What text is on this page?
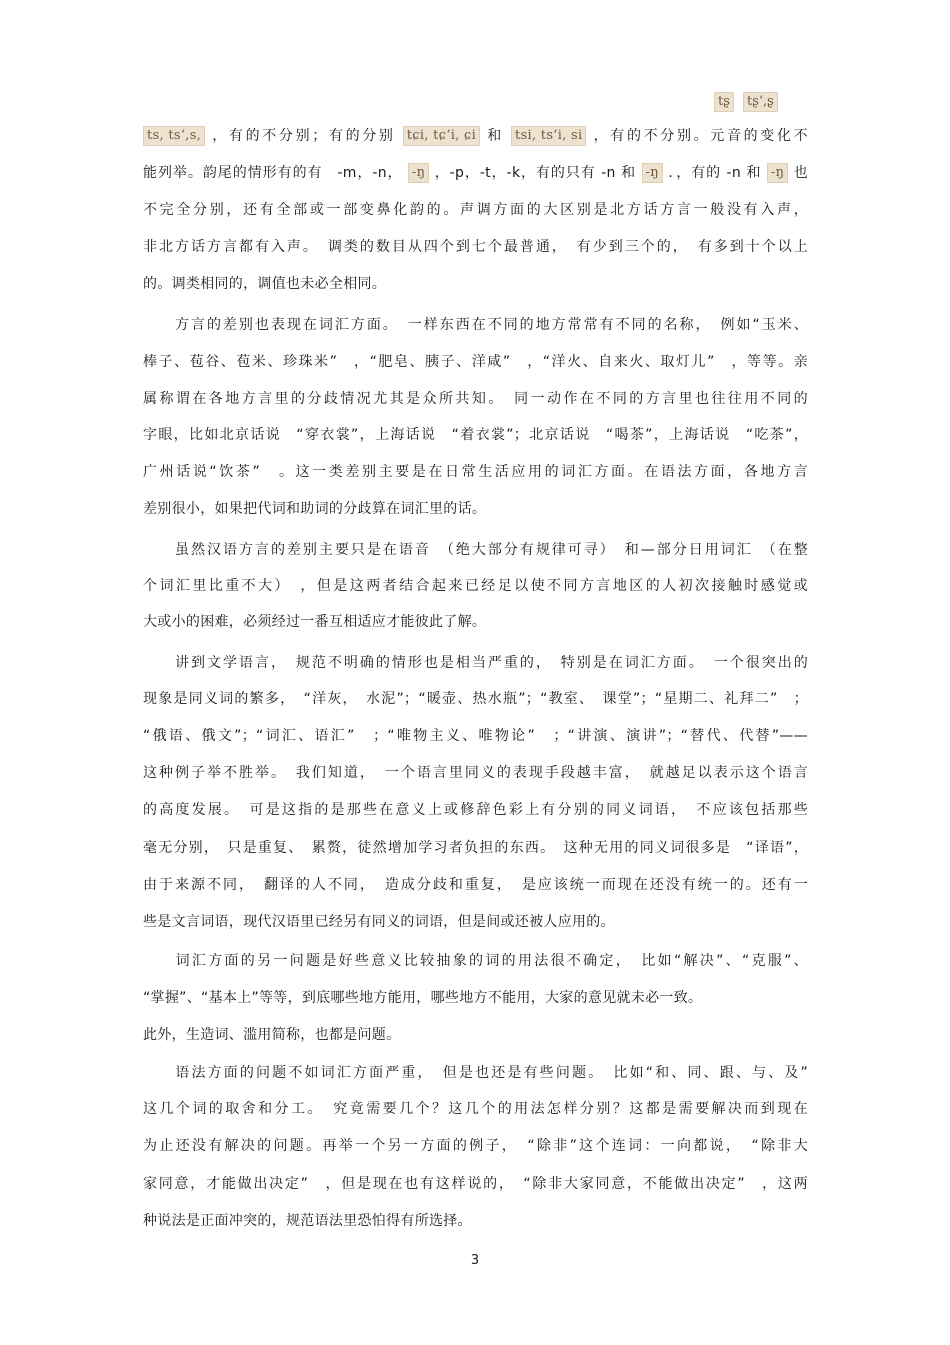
tʂ	tʂʻ,ʂ
ts, tsʻ,s, ，有的不分别；有的分别 tɕi, tɕʻi, ɕi 和 tsi, tsʻi, si ，有的不分别。元音的变化不
能列举。韵尾的情形有的有　-m，-n， -ŋ ，-p，-t，-k，有的只有 -n 和 -ŋ ．，有的 -n 和 -ŋ 也
不完全分别，还有全部或一部变鼻化韵的。声调方面的大区别是北方话方言一般没有入声，
非北方话方言都有入声。　调类的数目从四个到七个最普通，　有少到三个的，　有多到十个以上
的。调类相同的，调值也未必全相同。
　　方言的差别也表现在词汇方面。　一样东西在不同的地方常常有不同的名称，　例如“玉米、
棒子、苞谷、苞米、珍珠米”　，“肥皂、胰子、洋咸”　，“洋火、自来火、取灯儿”　，等等。亲
属称谓在各地方言里的分歧情况尤其是众所共知。　同一动作在不同的方言里也往往用不同的
字眼，比如北京话说　“穿衣裳”，上海话说　“着衣裳”；北京话说　“喝茶”，上海话说　“吃茶”，
广州话说“饮茶”　。这一类差别主要是在日常生活应用的词汇方面。在语法方面，各地方言
差别很小，如果把代词和助词的分歧算在词汇里的话。
　　虽然汉语方言的差别主要只是在语音　（绝大部分有规律可寻）　和—部分日用词汇　（在整
个词汇里比重不大）　，但是这两者结合起来已经足以使不同方言地区的人初次接触时感觉或
大或小的困难，必须经过一番互相适应才能彼此了解。
　　讲到文学语言，　规范不明确的情形也是相当严重的，　特别是在词汇方面。　一个很突出的
现象是同义词的繁多，　“洋灰，　水泥”；“暖壶、热水瓶”；“教室、　课堂”；“星期二、礼拜二”　；
“俄语、俄文”；“词汇、语汇”　；“唯物主义、唯物论”　；“讲演、演讲”；“替代、代替”——
这种例子举不胜举。　我们知道，　一个语言里同义的表现手段越丰富，　就越足以表示这个语言
的高度发展。　可是这指的是那些在意义上或修辞色彩上有分别的同义词语，　不应该包括那些
毫无分别，　只是重复、　累赘，徒然增加学习者负担的东西。　这种无用的同义词很多是　“译语”，
由于来源不同，　翻译的人不同，　造成分歧和重复，　是应该统一而现在还没有统一的。还有一
些是文言词语，现代汉语里已经另有同义的词语，但是间或还被人应用的。
　　词汇方面的另一问题是好些意义比较抽象的词的用法很不确定，　比如“解决”、“克服”、
“掌握”、“基本上”等等，到底哪些地方能用，哪些地方不能用，大家的意见就未必一致。
此外，生造词、滥用简称，也都是问题。
　　语法方面的问题不如词汇方面严重，　但是也还是有些问题。　比如“和、同、跟、与、及”
这几个词的取舍和分工。　究竟需要几个？这几个的用法怎样分别？这都是需要解决而到现在
为止还没有解决的问题。再举一个另一方面的例子，　“除非”这个连词：一向都说，　“除非大
家同意，才能做出决定”　，但是现在也有这样说的，　“除非大家同意，不能做出决定”　，这两
种说法是正面冲突的，规范语法里恐怕得有所选择。
3
